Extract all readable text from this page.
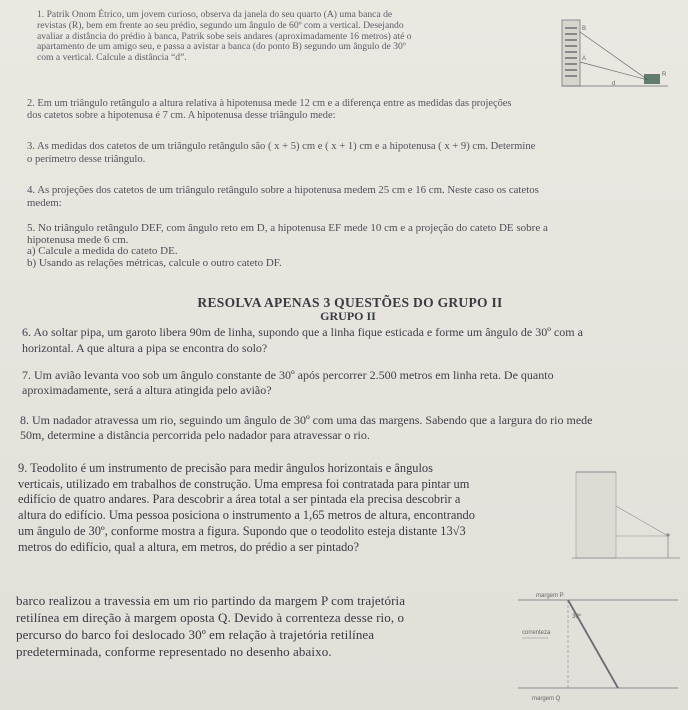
1. Patrik Onom Étrico, um jovem curioso, observa da janela do seu quarto (A) uma banca de
revistas (R), bem em frente ao seu prédio, segundo um ângulo de 60º com a vertical. Desejando
avaliar a distância do prédio à banca, Patrik sobe seis andares (aproximadamente 16 metros) até o
apartamento de um amigo seu, e passa a avistar a banca (do ponto B) segundo um ângulo de 30º
com a vertical. Calcule a distância “d”.
B
A
R
d
2. Em um triângulo retângulo a altura relativa à hipotenusa mede 12 cm e a diferença entre as medidas das projeções
dos catetos sobre a hipotenusa é 7 cm. A hipotenusa desse triângulo mede:
3. As medidas dos catetos de um triângulo retângulo são ( x + 5) cm e ( x + 1) cm e a hipotenusa ( x + 9) cm. Determine
o perímetro desse triângulo.
4. As projeções dos catetos de um triângulo retângulo sobre a hipotenusa medem 25 cm e 16 cm. Neste caso os catetos
medem:
5. No triângulo retângulo DEF, com ângulo reto em D, a hipotenusa EF mede 10 cm e a projeção do cateto DE sobre a
hipotenusa mede 6 cm.
a) Calcule a medida do cateto DE.
b) Usando as relações métricas, calcule o outro cateto DF.
RESOLVA APENAS 3 QUESTÕES DO GRUPO II
GRUPO II
6. Ao soltar pipa, um garoto libera 90m de linha, supondo que a linha fique esticada e forme um ângulo de 30º com a
horizontal. A que altura a pipa se encontra do solo?
7. Um avião levanta voo sob um ângulo constante de 30º após percorrer 2.500 metros em linha reta. De quanto
aproximadamente, será a altura atingida pelo avião?
8. Um nadador atravessa um rio, seguindo um ângulo de 30º com uma das margens. Sabendo que a largura do rio mede
50m, determine a distância percorrida pelo nadador para atravessar o rio.
9. Teodolito é um instrumento de precisão para medir ângulos horizontais e ângulos
verticais, utilizado em trabalhos de construção. Uma empresa foi contratada para pintar um
edifício de quatro andares. Para descobrir a área total a ser pintada ela precisa descobrir a
altura do edifício. Uma pessoa posiciona o instrumento a 1,65 metros de altura, encontrando
um ângulo de 30º, conforme mostra a figura. Supondo que o teodolito esteja distante 13√3
metros do edifício, qual a altura, em metros, do prédio a ser pintado?
barco realizou a travessia em um rio partindo da margem P com trajetória
retilínea em direção à margem oposta Q. Devido à correnteza desse rio, o
percurso do barco foi deslocado 30º em relação à trajetória retilínea
predeterminada, conforme representado no desenho abaixo.
margem P
margem Q
correnteza
30º
